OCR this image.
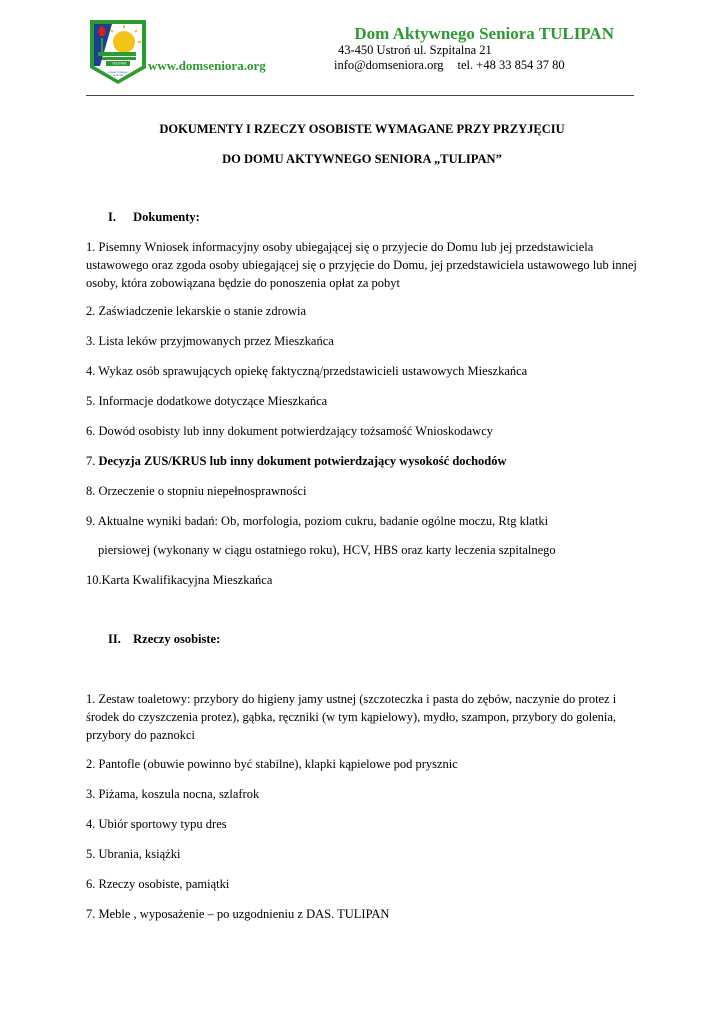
TULIPAN
DOM AKTYWNEGO
SENIORA
www.domseniora.org
Dom Aktywnego Seniora TULIPAN
43-450 Ustroń ul. Szpitalna 21
info@domseniora.org tel. +48 33 854 37 80
DOKUMENTY I RZECZY OSOBISTE WYMAGANE PRZY PRZYJĘCIU
DO DOMU AKTYWNEGO SENIORA „TULIPAN”
I. Dokumenty:
1. Pisemny Wniosek informacyjny osoby ubiegającej się o przyjecie do Domu lub jej przedstawiciela ustawowego oraz zgoda osoby ubiegającej się o przyjęcie do Domu, jej przedstawiciela ustawowego lub innej osoby, która zobowiązana będzie do ponoszenia opłat za pobyt
2. Zaświadczenie lekarskie o stanie zdrowia
3. Lista leków przyjmowanych przez Mieszkańca
4. Wykaz osób sprawujących opiekę faktyczną/przedstawicieli ustawowych Mieszkańca
5. Informacje dodatkowe dotyczące Mieszkańca
6. Dowód osobisty lub inny dokument potwierdzający tożsamość Wnioskodawcy
7. Decyzja ZUS/KRUS lub inny dokument potwierdzający wysokość dochodów
8. Orzeczenie o stopniu niepełnosprawności
9. Aktualne wyniki badań: Ob, morfologia, poziom cukru, badanie ogólne moczu, Rtg klatki
piersiowej (wykonany w ciągu ostatniego roku), HCV, HBS oraz karty leczenia szpitalnego
10.Karta Kwalifikacyjna Mieszkańca
II. Rzeczy osobiste:
1. Zestaw toaletowy: przybory do higieny jamy ustnej (szczoteczka i pasta do zębów, naczynie do protez i środek do czyszczenia protez), gąbka, ręczniki (w tym kąpielowy), mydło, szampon, przybory do golenia, przybory do paznokci
2. Pantofle (obuwie powinno być stabilne), klapki kąpielowe pod prysznic
3. Piżama, koszula nocna, szlafrok
4. Ubiór sportowy typu dres
5. Ubrania, książki
6. Rzeczy osobiste, pamiątki
7. Meble , wyposażenie – po uzgodnieniu z DAS. TULIPAN
